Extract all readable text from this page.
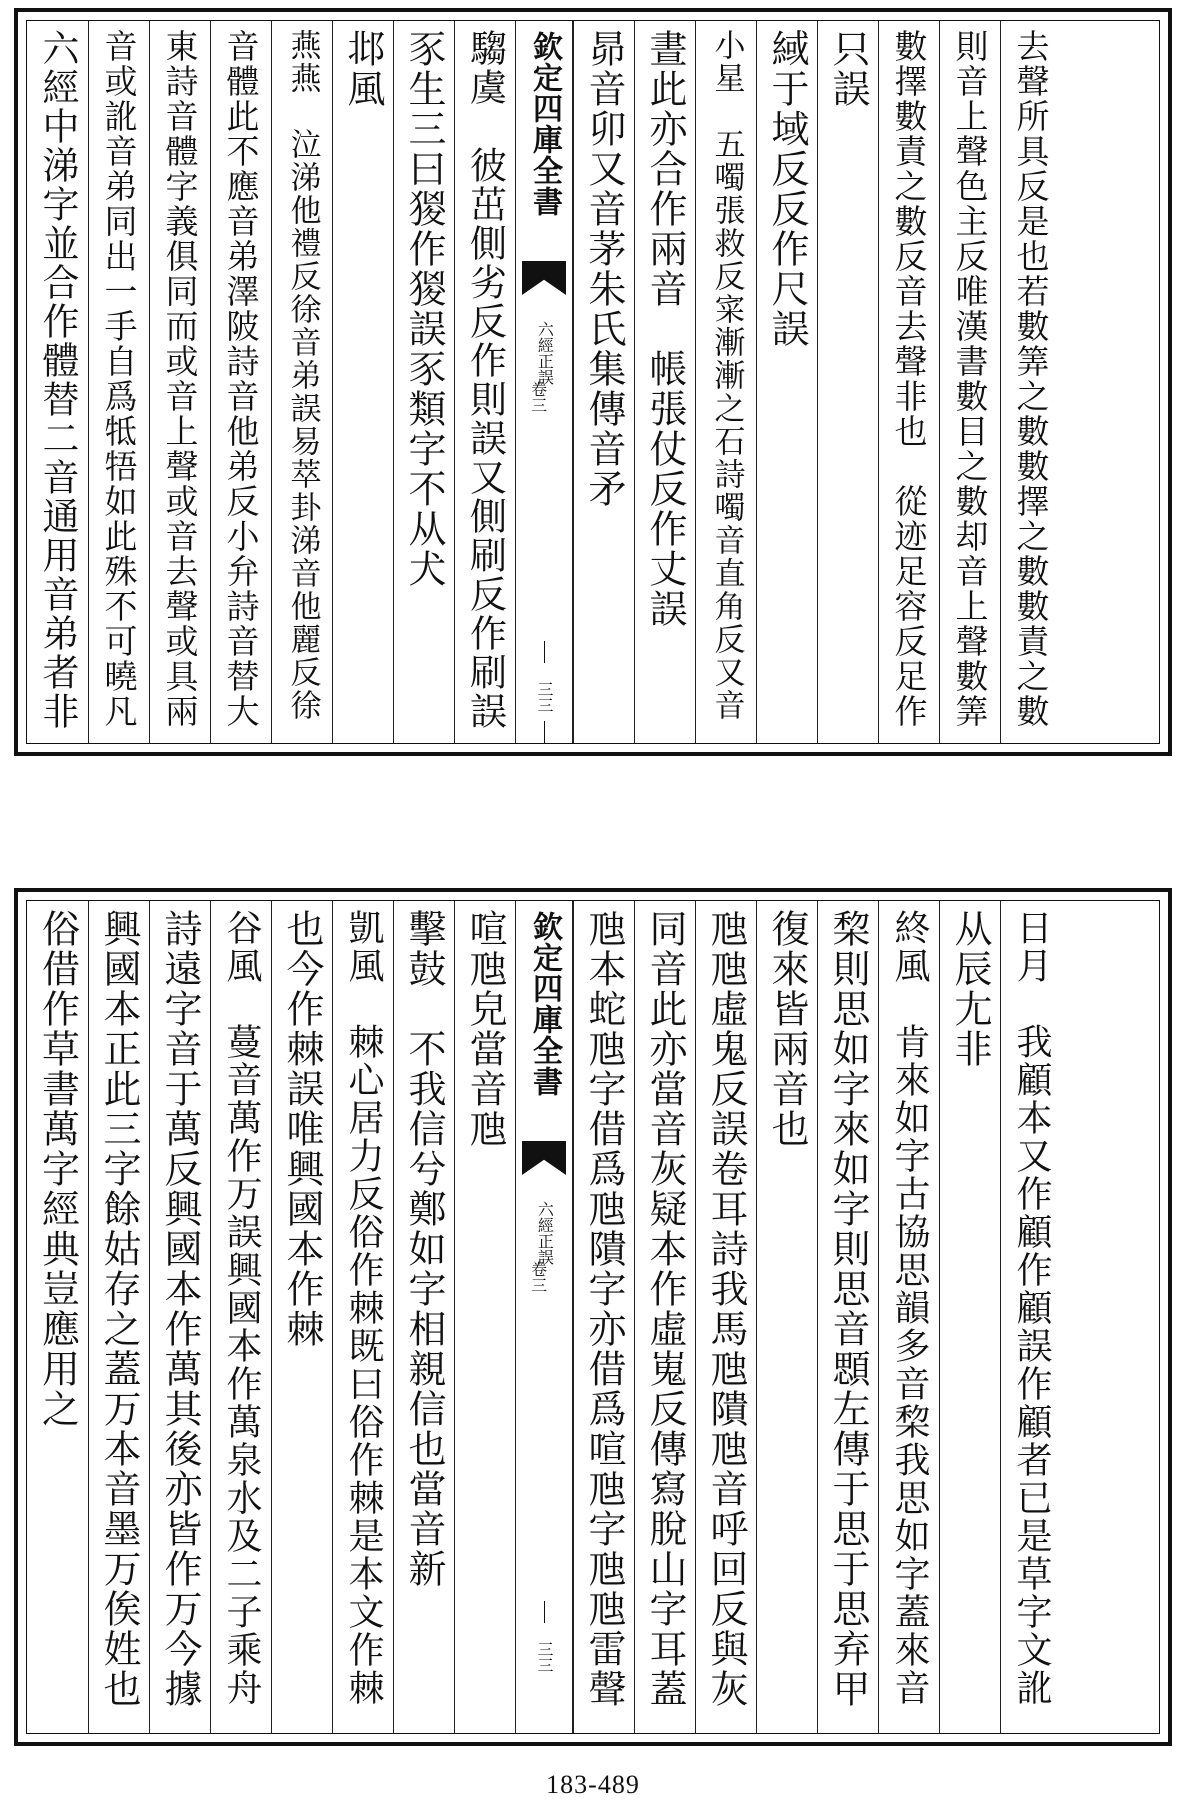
六經中涕字並合作體替二音通用音弟者非 音或訛音弟同出一手自爲牴牾如此殊不可曉凡 東詩音體字義俱同而或音上聲或音去聲或具兩 音體此不應音弟澤陂詩音他弟反小弁詩音替大 燕燕　泣涕他禮反徐音弟誤易萃卦涕音他麗反徐 邶風 豕生三曰猣作猣誤豕類字不从犬 騶虞　彼茁側劣反作則誤又側刷反作刷誤 欽定四庫全書
六經正誤
卷三
三三
昴音卯又音茅朱氏集傳音矛 晝此亦合作兩音　帳張仗反作丈誤 小星　五噣張救反寀漸漸之石詩噣音直角反又音 緎于域反反作尺誤 只誤 數擇數責之數反音去聲非也　從迹足容反足作 則音上聲色主反唯漢書數目之數却音上聲數筭 去聲所具反是也若數筭之數數擇之數數責之數
俗借作草書萬字經典豈應用之 興國本正此三字餘姑存之蓋万本音墨万俟姓也 詩遠字音于萬反興國本作萬其後亦皆作万今據 谷風　蔓音萬作万誤興國本作萬泉水及二子乘舟 也今作棘誤唯興國本作棘 凱風　棘心居力反俗作棘既曰俗作棘是本文作棘 擊鼓　不我信兮鄭如字相親信也當音新 喧虺皃當音虺 欽定四庫全書
六經正誤
卷三
三三 虺本蛇虺字借爲虺隤字亦借爲喧虺字虺虺雷聲 同音此亦當音灰疑本作虛嵬反傳寫脫山字耳蓋 虺虺虛鬼反誤卷耳詩我馬虺隤虺音呼回反與灰 復來皆兩音也 棃則思如字來如字則思音顋左傳于思于思弃甲 終風　肯來如字古協思韻多音棃我思如字蓋來音 从辰尢非 日月　我顧本又作顧作顧誤作顧者已是草字文訛
183-489
